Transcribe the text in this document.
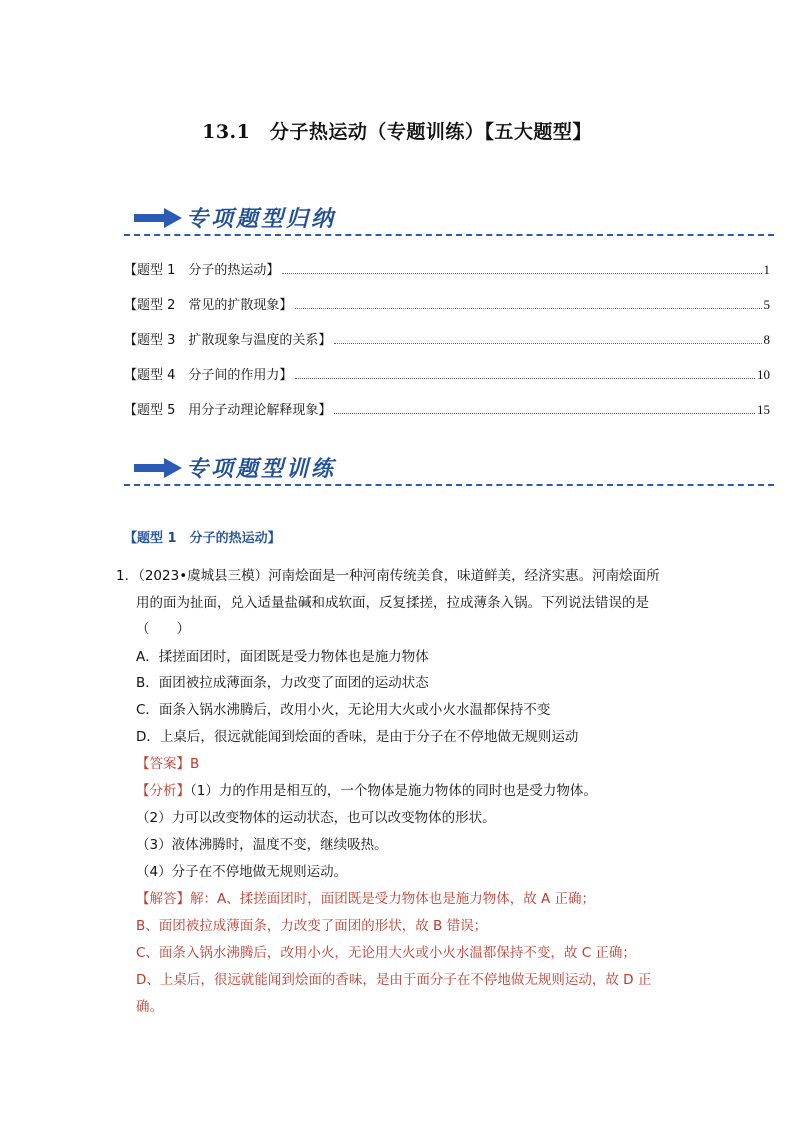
13.1　分子热运动（专题训练）【五大题型】
专项题型归纳
【题型 1　分子的热运动】	1
【题型 2　常见的扩散现象】	5
【题型 3　扩散现象与温度的关系】	8
【题型 4　分子间的作用力】	10
【题型 5　用分子动理论解释现象】	15
专项题型训练
【题型 1　分子的热运动】
1．（2023•虞城县三模）河南烩面是一种河南传统美食，味道鲜美，经济实惠。河南烩面所
用的面为扯面，兑入适量盐碱和成软面，反复揉搓，拉成薄条入锅。下列说法错误的是
（　　）
A．揉搓面团时，面团既是受力物体也是施力物体
B．面团被拉成薄面条，力改变了面团的运动状态
C．面条入锅水沸腾后，改用小火，无论用大火或小火水温都保持不变
D．上桌后，很远就能闻到烩面的香味，是由于分子在不停地做无规则运动
【答案】B
【分析】（1）力的作用是相互的，一个物体是施力物体的同时也是受力物体。
（2）力可以改变物体的运动状态，也可以改变物体的形状。
（3）液体沸腾时，温度不变，继续吸热。
（4）分子在不停地做无规则运动。
【解答】解：A、揉搓面团时，面团既是受力物体也是施力物体，故 A 正确；
B、面团被拉成薄面条，力改变了面团的形状，故 B 错误；
C、面条入锅水沸腾后，改用小火，无论用大火或小火水温都保持不变，故 C 正确；
D、上桌后，很远就能闻到烩面的香味，是由于面分子在不停地做无规则运动，故 D 正
确。
